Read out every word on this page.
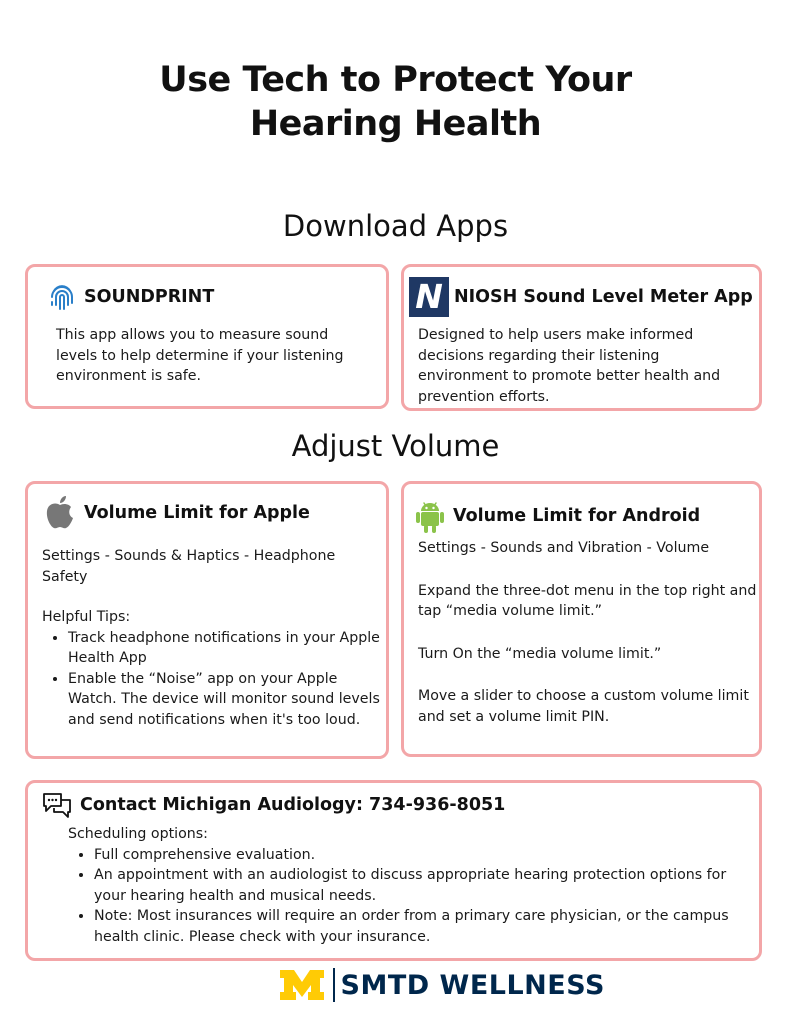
Use Tech to Protect Your
Hearing Health
Download Apps
SOUNDPRINT

This app allows you to measure sound

levels to help determine if your listening

environment is safe.

N NIOSH Sound Level Meter App

Designed to help users make informed

decisions regarding their listening

environment to promote better health and

prevention efforts.

Adjust Volume
Volume Limit for Apple

Settings - Sounds & Haptics - Headphone Safety

Helpful Tips:

• Track headphone notifications in your Apple Health App
• Enable the “Noise” app on your Apple Watch. The device will monitor sound levels and send notifications when it's too loud.
Volume Limit for Android

Settings - Sounds and Vibration - Volume

Expand the three-dot menu in the top right and tap “media volume limit.”

Turn On the “media volume limit.”

Move a slider to choose a custom volume limit and set a volume limit PIN.

Contact Michigan Audiology: 734-936-8051

Scheduling options:

• Full comprehensive evaluation.
• An appointment with an audiologist to discuss appropriate hearing protection options for your hearing health and musical needs.
• Note: Most insurances will require an order from a primary care physician, or the campus health clinic. Please check with your insurance.
SMTD WELLNESS
